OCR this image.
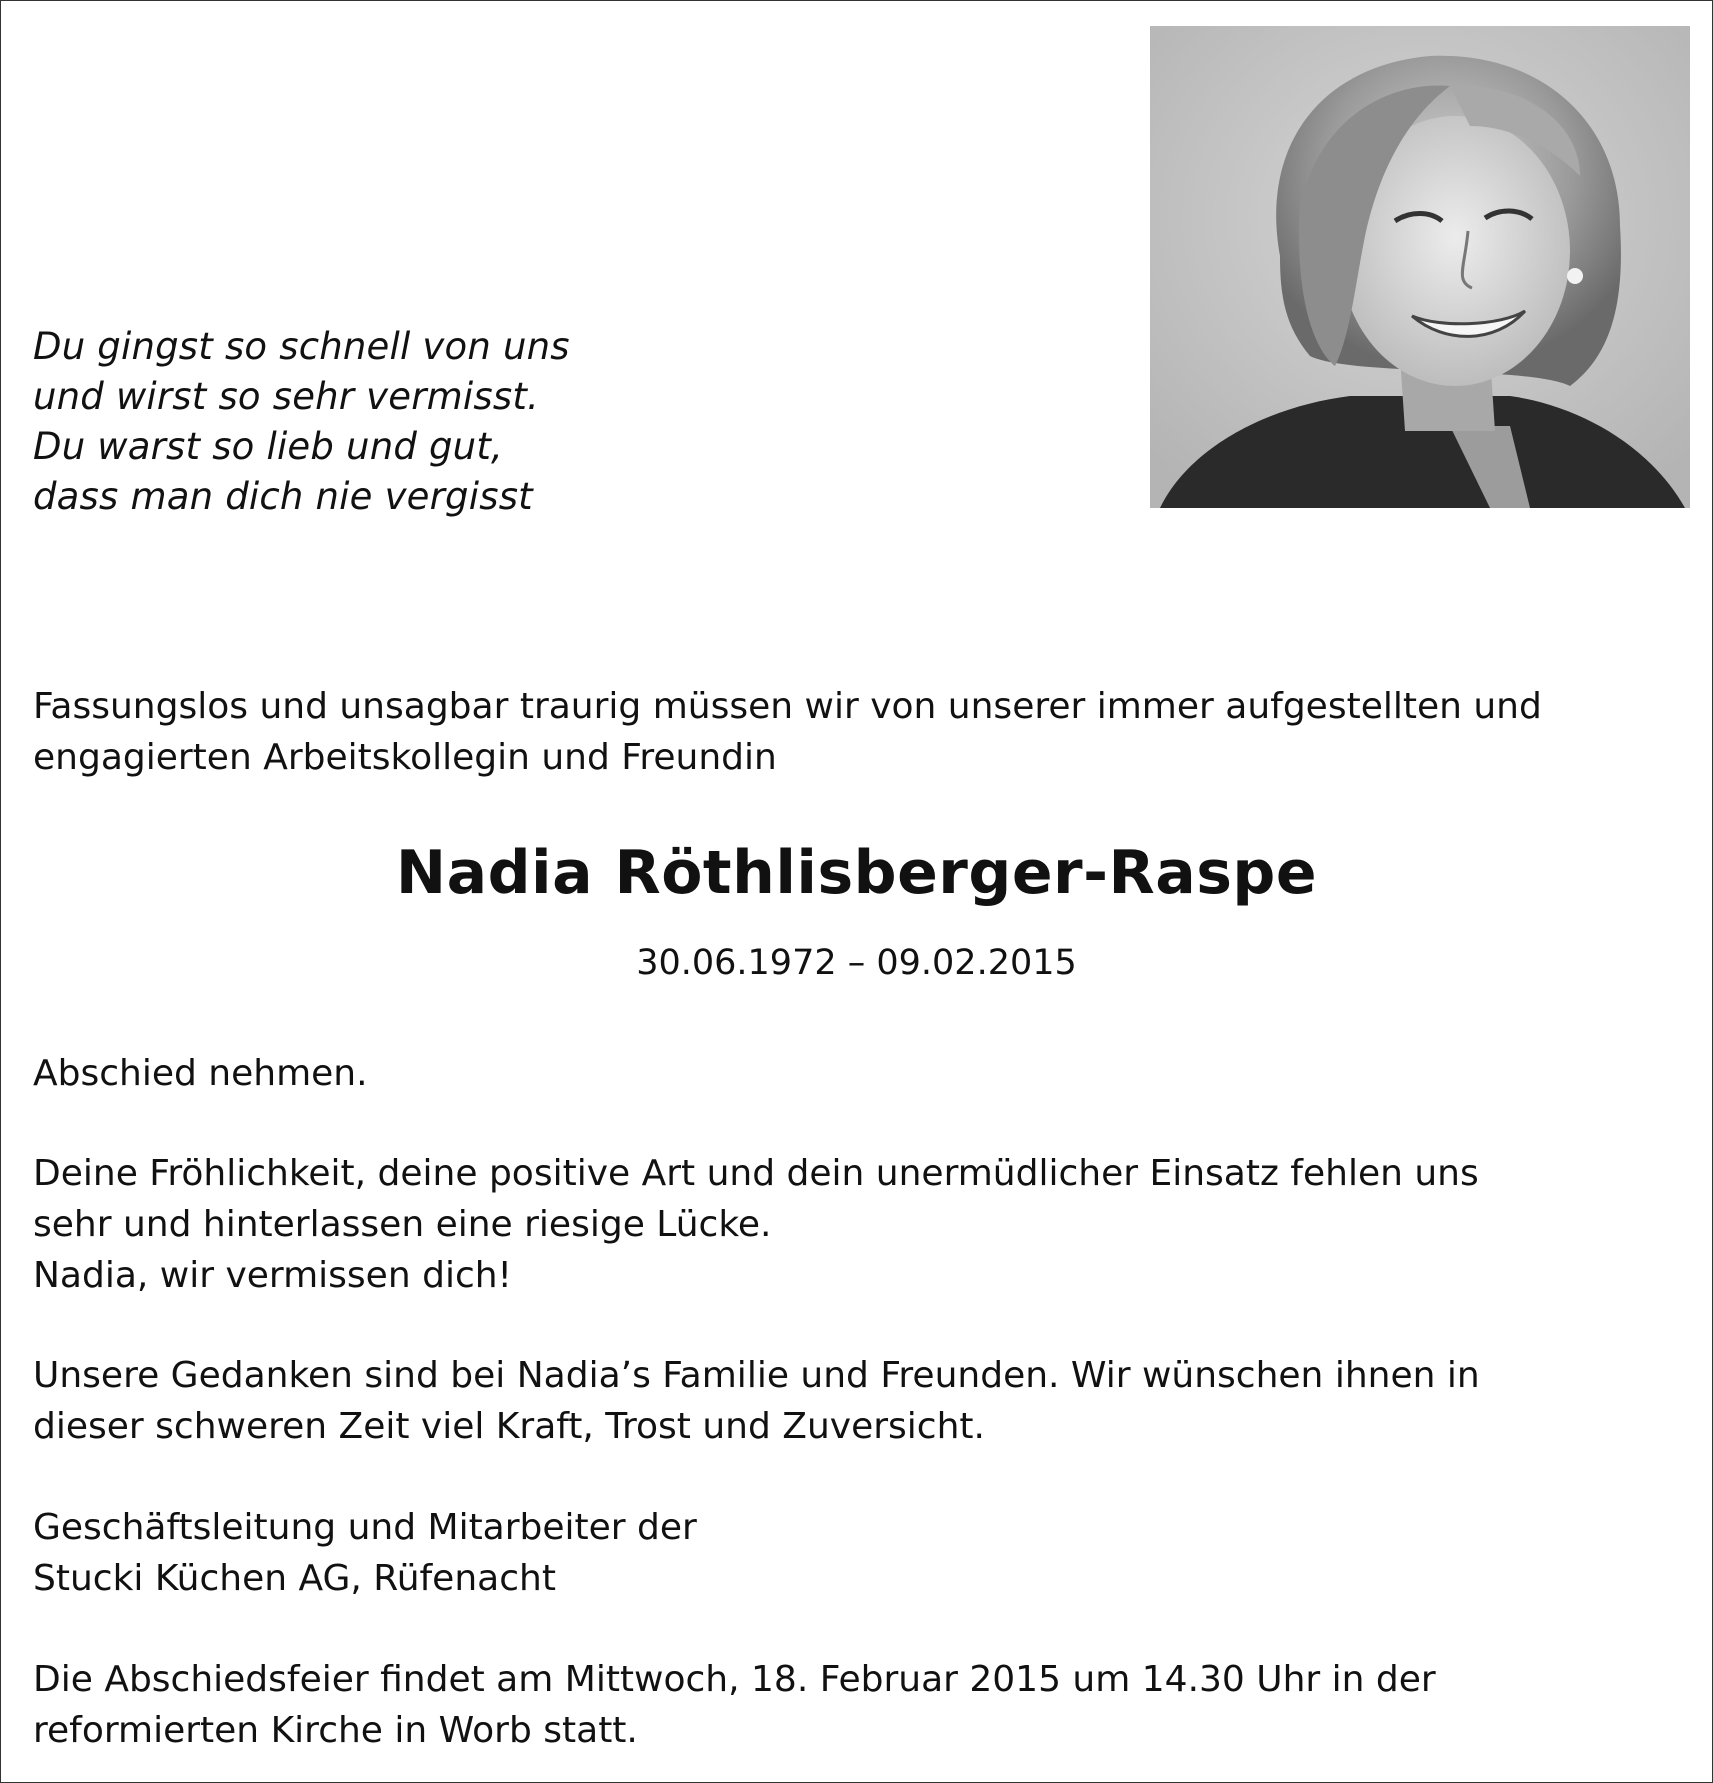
Du gingst so schnell von uns
und wirst so sehr vermisst.
Du warst so lieb und gut,
dass man dich nie vergisst
Fassungslos und unsagbar traurig müssen wir von unserer immer aufgestellten und
engagierten Arbeitskollegin und Freundin
Nadia Röthlisberger-Raspe
30.06.1972 – 09.02.2015
Abschied nehmen.
Deine Fröhlichkeit, deine positive Art und dein unermüdlicher Einsatz fehlen uns
sehr und hinterlassen eine riesige Lücke.
Nadia, wir vermissen dich!
Unsere Gedanken sind bei Nadia’s Familie und Freunden. Wir wünschen ihnen in
dieser schweren Zeit viel Kraft, Trost und Zuversicht.
Geschäftsleitung und Mitarbeiter der
Stucki Küchen AG, Rüfenacht
Die Abschiedsfeier findet am Mittwoch, 18. Februar 2015 um 14.30 Uhr in der
reformierten Kirche in Worb statt.
